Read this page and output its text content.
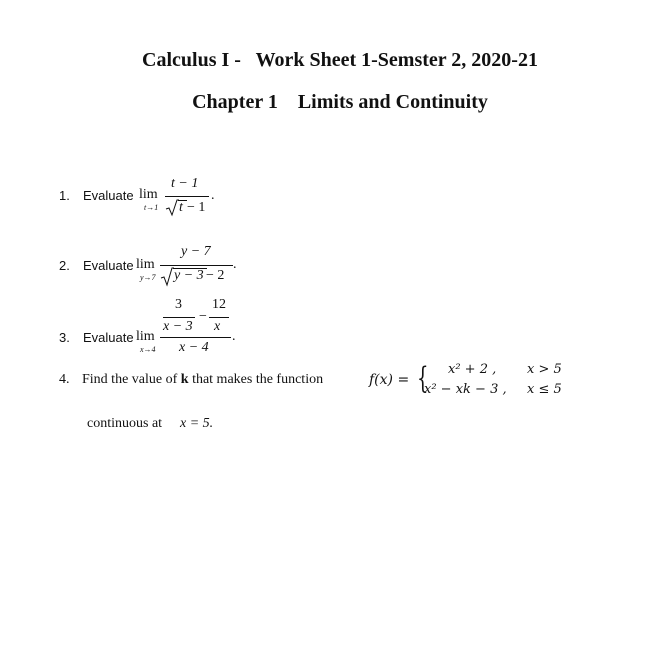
Calculus I -   Work Sheet 1-Semster 2, 2020-21
Chapter 1    Limits and Continuity
1. Evaluate lim
t→1
t − 1
t − 1
.
2. Evaluate lim
y→7
y − 7
y − 3 − 2
.
3. Evaluate lim
x→4
3
x − 3
−
12
x
x − 4
.
4. Find the value of k that makes the function	f(x) = { x² + 2 , x > 5
x² − xk − 3 , x ≤ 5
continuous at x = 5.
